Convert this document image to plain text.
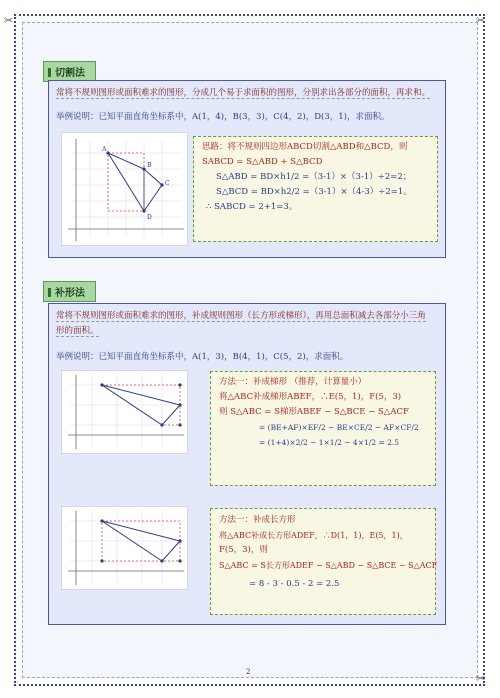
✂	✂
✂
切割法
常将不规则图形或面积难求的图形，分成几个易于求面积的图形，分别求出各部分的面积，再求和。
举例说明：已知平面直角坐标系中，A(1，4)，B(3，3)，C(4，2)，D(3，1)，求面积。
A
B
C
D
思路：将不规则四边形ABCD切割△ABD和△BCD，则
SABCD = S△ABD + S△BCD
S△ABD = BD×h1/2 =（3-1）×（3-1）÷2=2；
S△BCD = BD×h2/2 =（3-1）×（4-3）÷2=1。
∴ SABCD = 2+1=3。
补形法
常将不规则图形或面积难求的图形，补成规则图形（长方形或梯形），再用总面积减去各部分小三角
形的面积。
举例说明：已知平面直角坐标系中，A(1，3)，B(4，1)，C(5，2)，求面积。
方法一：补成梯形 （推荐，计算量小）
将△ABC补成梯形ABEF，∴E(5，1)，F(5，3)
则 S△ABC = S梯形ABEF − S△BCE − S△ACF
= (BE+AF)×EF/2 − BE×CE/2 − AF×CF/2
= (1+4)×2/2 − 1×1/2 − 4×1/2 = 2.5
方法一：补成长方形
将△ABC补成长方形ADEF，∴D(1，1)，E(5，1)，
F(5，3)，则
S△ABC = S长方形ADEF − S△ABD − S△BCE − S△ACF
= 8 - 3 - 0.5 - 2 = 2.5
2
